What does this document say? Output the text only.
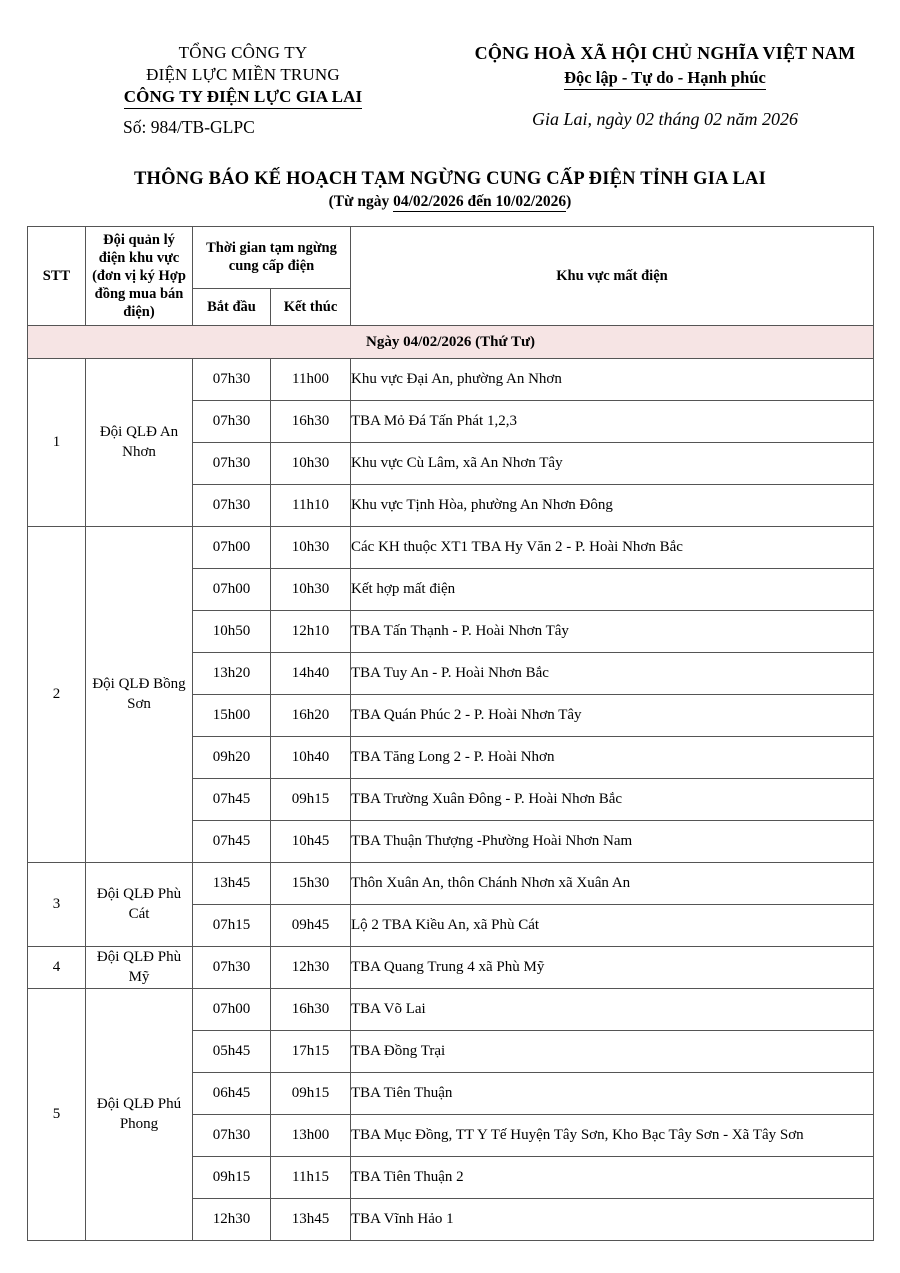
TỔNG CÔNG TY
ĐIỆN LỰC MIỀN TRUNG
CÔNG TY ĐIỆN LỰC GIA LAI
Số: 984/TB-GLPC
CỘNG HOÀ XÃ HỘI CHỦ NGHĨA VIỆT NAM
Độc lập - Tự do - Hạnh phúc
Gia Lai, ngày 02 tháng 02 năm 2026
THÔNG BÁO KẾ HOẠCH TẠM NGỪNG CUNG CẤP ĐIỆN TỈNH GIA LAI
(Từ ngày 04/02/2026 đến 10/02/2026)
STT	Đội quản lý điện khu vực (đơn vị ký Hợp đồng mua bán điện)	Thời gian tạm ngừng cung cấp điện		Khu vực mất điện
		Bắt đầu	Kết thúc	
Ngày 04/02/2026 (Thứ Tư)				
1	Đội QLĐ An Nhơn	07h30	11h00	Khu vực Đại An, phường An Nhơn
		07h30	16h30	TBA Mỏ Đá Tấn Phát 1,2,3
		07h30	10h30	Khu vực Cù Lâm, xã An Nhơn Tây
		07h30	11h10	Khu vực Tịnh Hòa, phường An Nhơn Đông
2	Đội QLĐ Bồng Sơn	07h00	10h30	Các KH thuộc XT1 TBA Hy Văn 2 - P. Hoài Nhơn Bắc
		07h00	10h30	Kết hợp mất điện
		10h50	12h10	TBA Tấn Thạnh - P. Hoài Nhơn Tây
		13h20	14h40	TBA Tuy An - P. Hoài Nhơn Bắc
		15h00	16h20	TBA Quán Phúc 2 - P. Hoài Nhơn Tây
		09h20	10h40	TBA Tăng Long 2 - P. Hoài Nhơn
		07h45	09h15	TBA Trường Xuân Đông - P. Hoài Nhơn Bắc
		07h45	10h45	TBA Thuận Thượng -Phường Hoài Nhơn Nam
3	Đội QLĐ Phù Cát	13h45	15h30	Thôn Xuân An, thôn Chánh Nhơn xã Xuân An
		07h15	09h45	Lộ 2 TBA Kiều An, xã Phù Cát
4	Đội QLĐ Phù Mỹ	07h30	12h30	TBA Quang Trung 4 xã Phù Mỹ
5	Đội QLĐ Phú Phong	07h00	16h30	TBA Võ Lai
		05h45	17h15	TBA Đồng Trại
		06h45	09h15	TBA Tiên Thuận
		07h30	13h00	TBA Mục Đồng, TT Y Tế Huyện Tây Sơn, Kho Bạc Tây Sơn - Xã Tây Sơn
		09h15	11h15	TBA Tiên Thuận 2
		12h30	13h45	TBA Vĩnh Hảo 1
